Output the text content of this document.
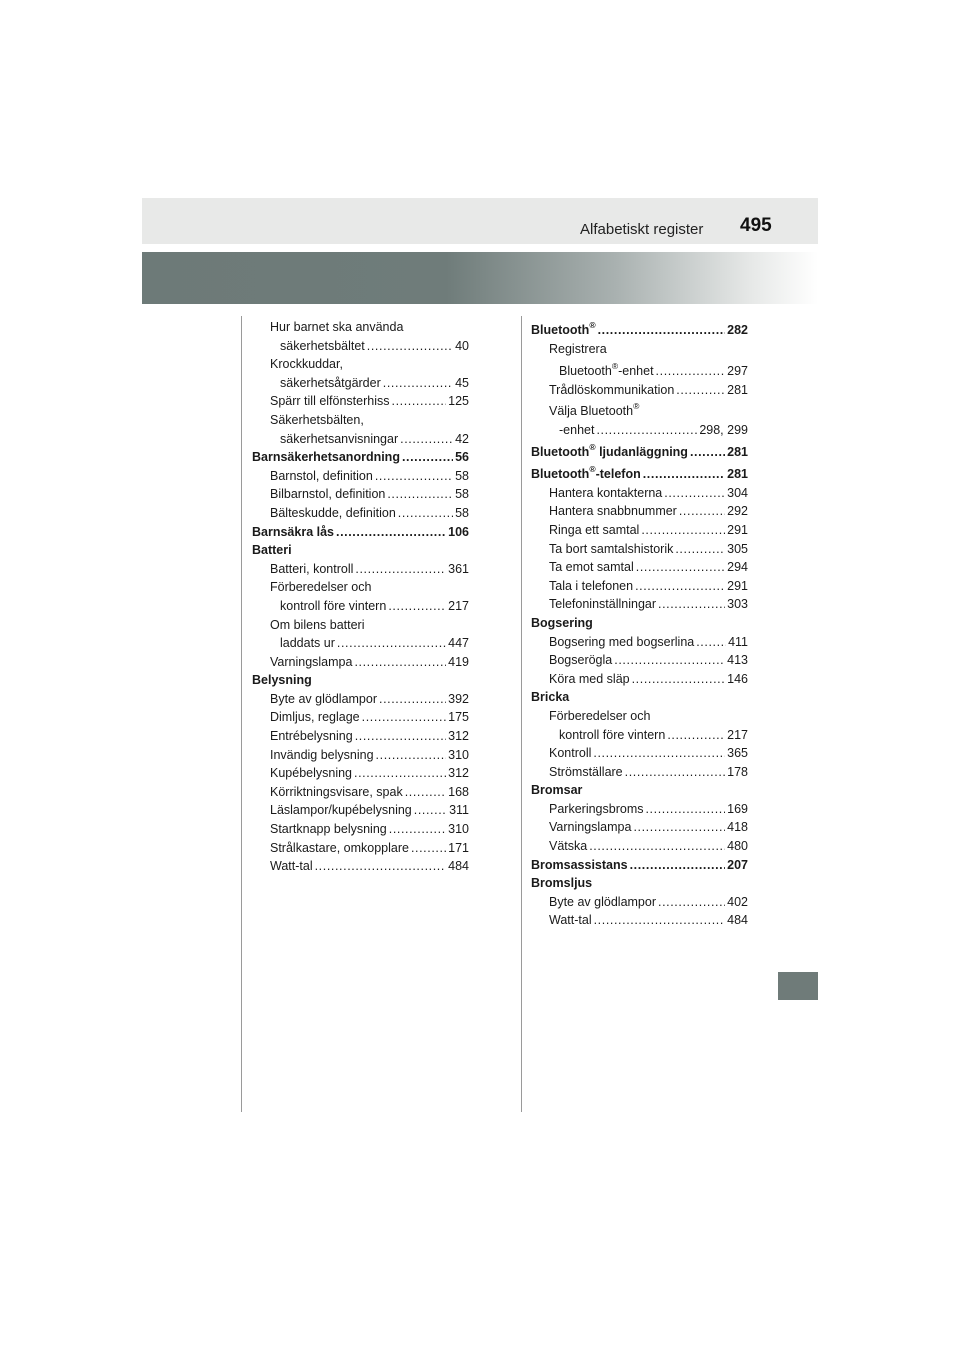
Alfabetiskt register 495
Hur barnet ska använda
säkerhetsbältet .....	40
Krockkuddar,
säkerhetsåtgärder .....	45
Spärr till elfönsterhiss .....	125
Säkerhetsbälten,
säkerhetsanvisningar .....	42
Barnsäkerhetsanordning .....	56
Barnstol, definition .....	58
Bilbarnstol, definition .....	58
Bälteskudde, definition .....	58
Barnsäkra lås .....	106
Batteri
Batteri, kontroll .....	361
Förberedelser och
kontroll före vintern .....	217
Om bilens batteri
laddats ur .....	447
Varningslampa .....	419
Belysning
Byte av glödlampor .....	392
Dimljus, reglage .....	175
Entrébelysning .....	312
Invändig belysning .....	310
Kupébelysning .....	312
Körriktningsvisare, spak .....	168
Läslampor/kupébelysning .....	311
Startknapp belysning .....	310
Strålkastare, omkopplare .....	171
Watt-tal .....	484
Bluetooth® .....	282
Registrera
Bluetooth®-enhet .....	297
Trådlöskommunikation .....	281
Välja Bluetooth®
-enhet .....	298, 299
Bluetooth® ljudanläggning .....	281
Bluetooth®-telefon .....	281
Hantera kontakterna .....	304
Hantera snabbnummer .....	292
Ringa ett samtal .....	291
Ta bort samtalshistorik .....	305
Ta emot samtal .....	294
Tala i telefonen .....	291
Telefoninställningar .....	303
Bogsering
Bogsering med bogserlina .....	411
Bogserögla .....	413
Köra med släp .....	146
Bricka
Förberedelser och
kontroll före vintern .....	217
Kontroll .....	365
Strömställare .....	178
Bromsar
Parkeringsbroms .....	169
Varningslampa .....	418
Vätska .....	480
Bromsassistans .....	207
Bromsljus
Byte av glödlampor .....	402
Watt-tal .....	484
